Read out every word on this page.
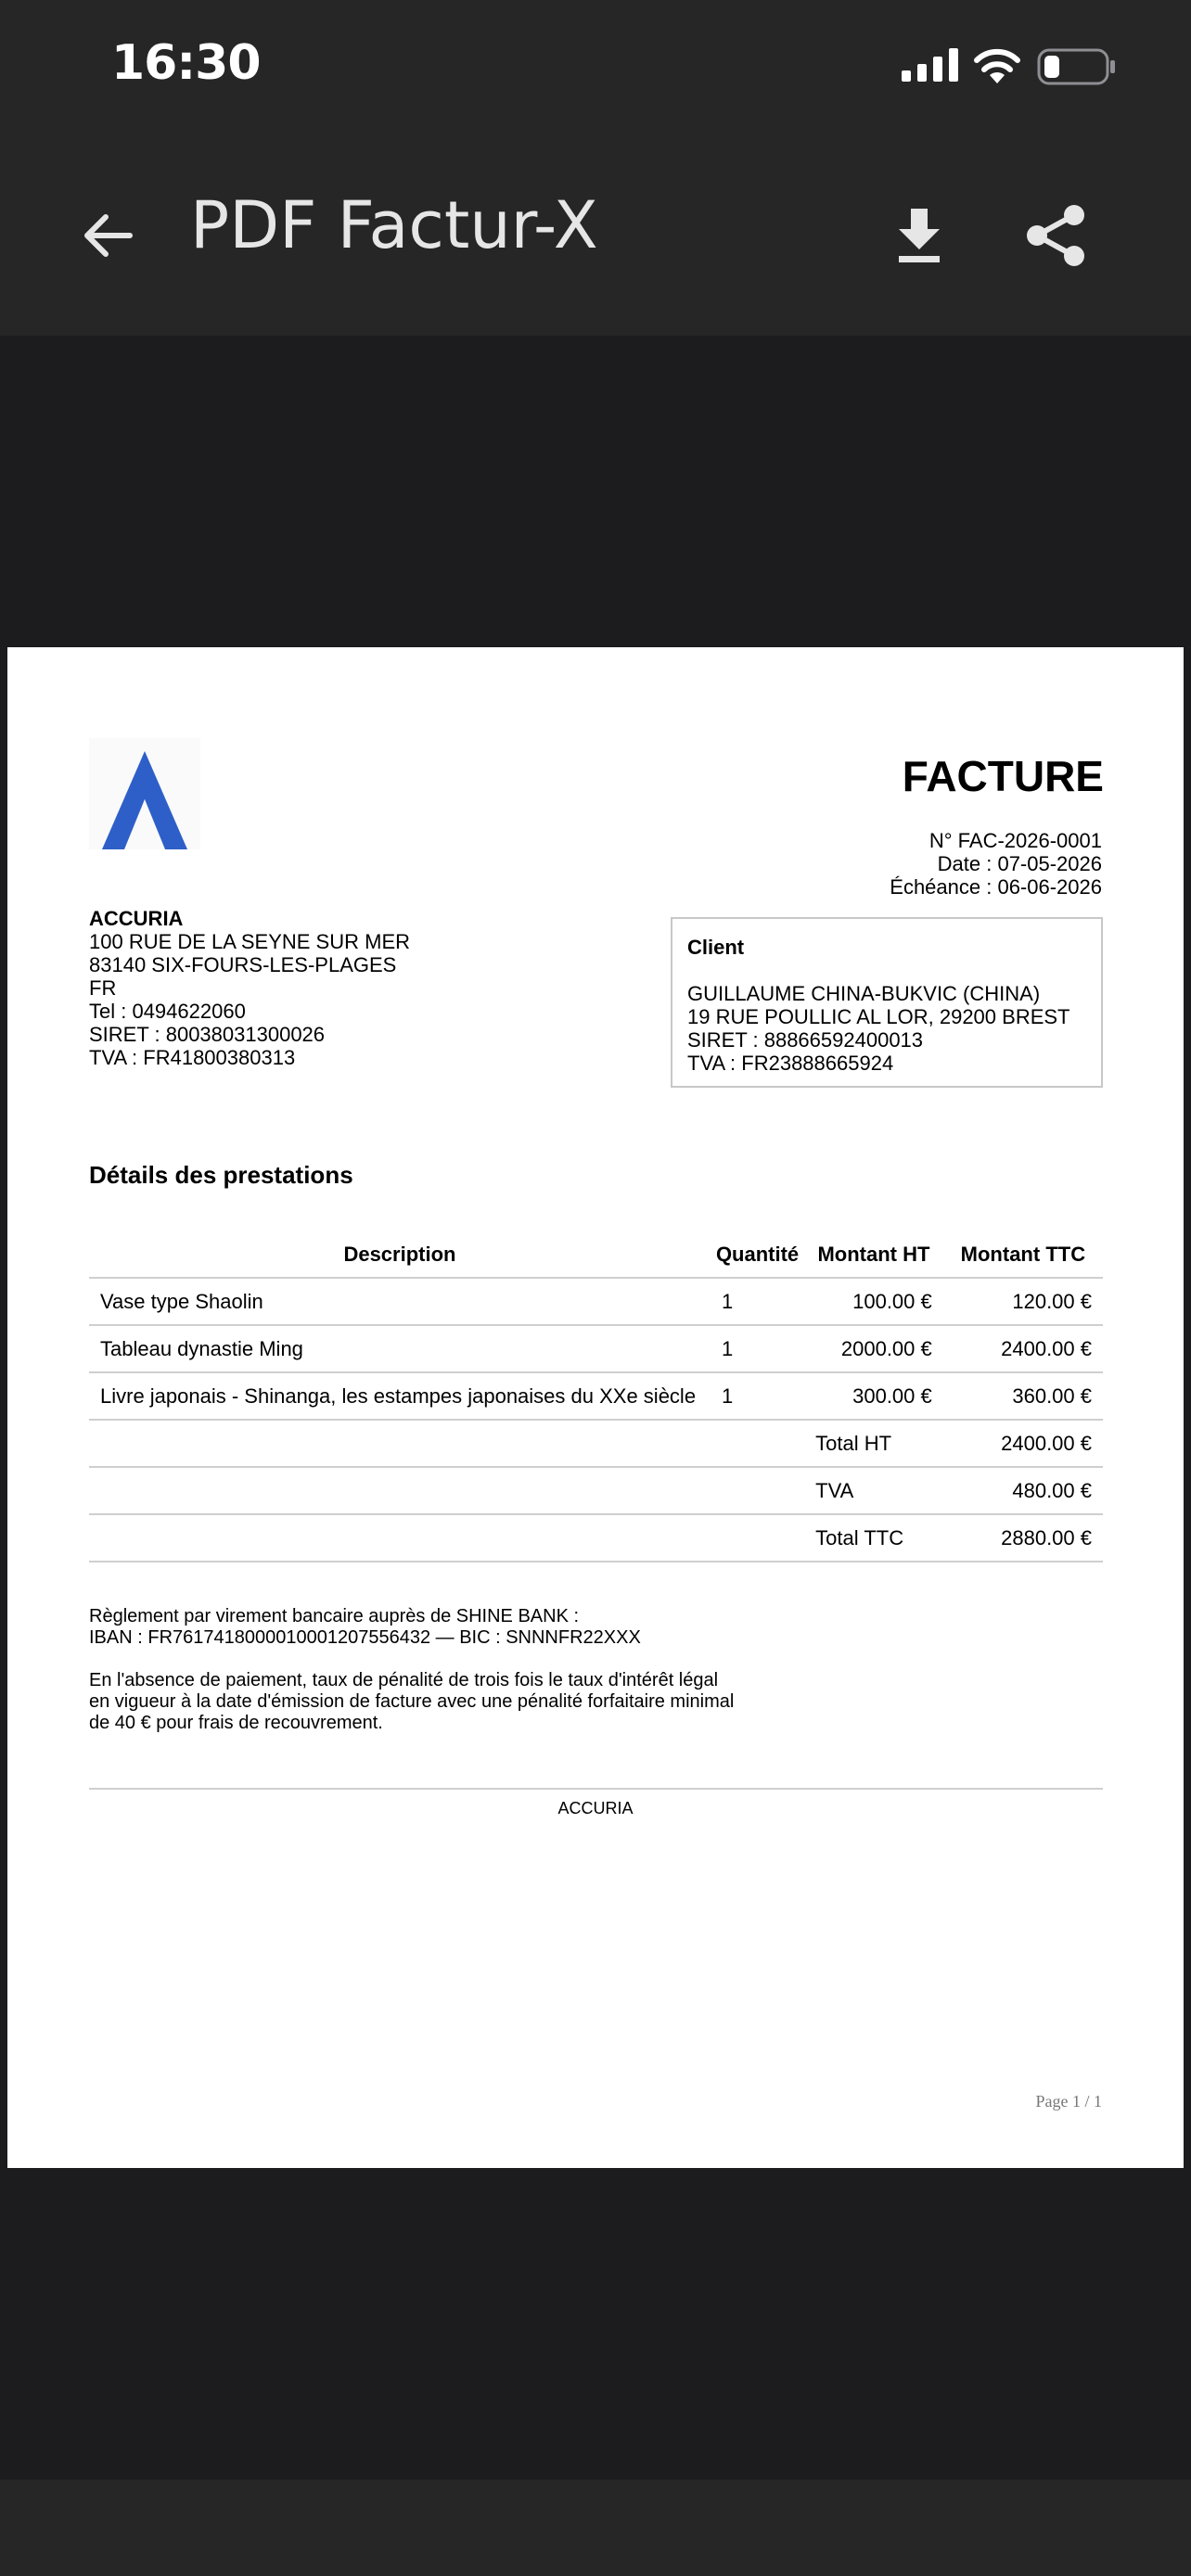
16:30
PDF Factur-X
FACTURE
N° FAC-2026-0001
Date : 07-05-2026
Échéance : 06-06-2026
ACCURIA
100 RUE DE LA SEYNE SUR MER
83140 SIX-FOURS-LES-PLAGES
FR
Tel : 0494622060
SIRET : 80038031300026
TVA : FR41800380313
Client
GUILLAUME CHINA-BUKVIC (CHINA)
19 RUE POULLIC AL LOR, 29200 BREST
SIRET : 88866592400013
TVA : FR23888665924
Détails des prestations
Description	Quantité	Montant HT	Montant TTC
Vase type Shaolin	1	100.00 €	120.00 €
Tableau dynastie Ming	1	2000.00 €	2400.00 €
Livre japonais - Shinanga, les estampes japonaises du XXe siècle	1	300.00 €	360.00 €
		Total HT	2400.00 €
		TVA	480.00 €
		Total TTC	2880.00 €

Règlement par virement bancaire auprès de SHINE BANK :
IBAN : FR7617418000010001207556432 — BIC : SNNNFR22XXX

En l'absence de paiement, taux de pénalité de trois fois le taux d'intérêt légal
en vigueur à la date d'émission de facture avec une pénalité forfaitaire minimal
de 40 € pour frais de recouvrement.

ACCURIA
Page 1 / 1
